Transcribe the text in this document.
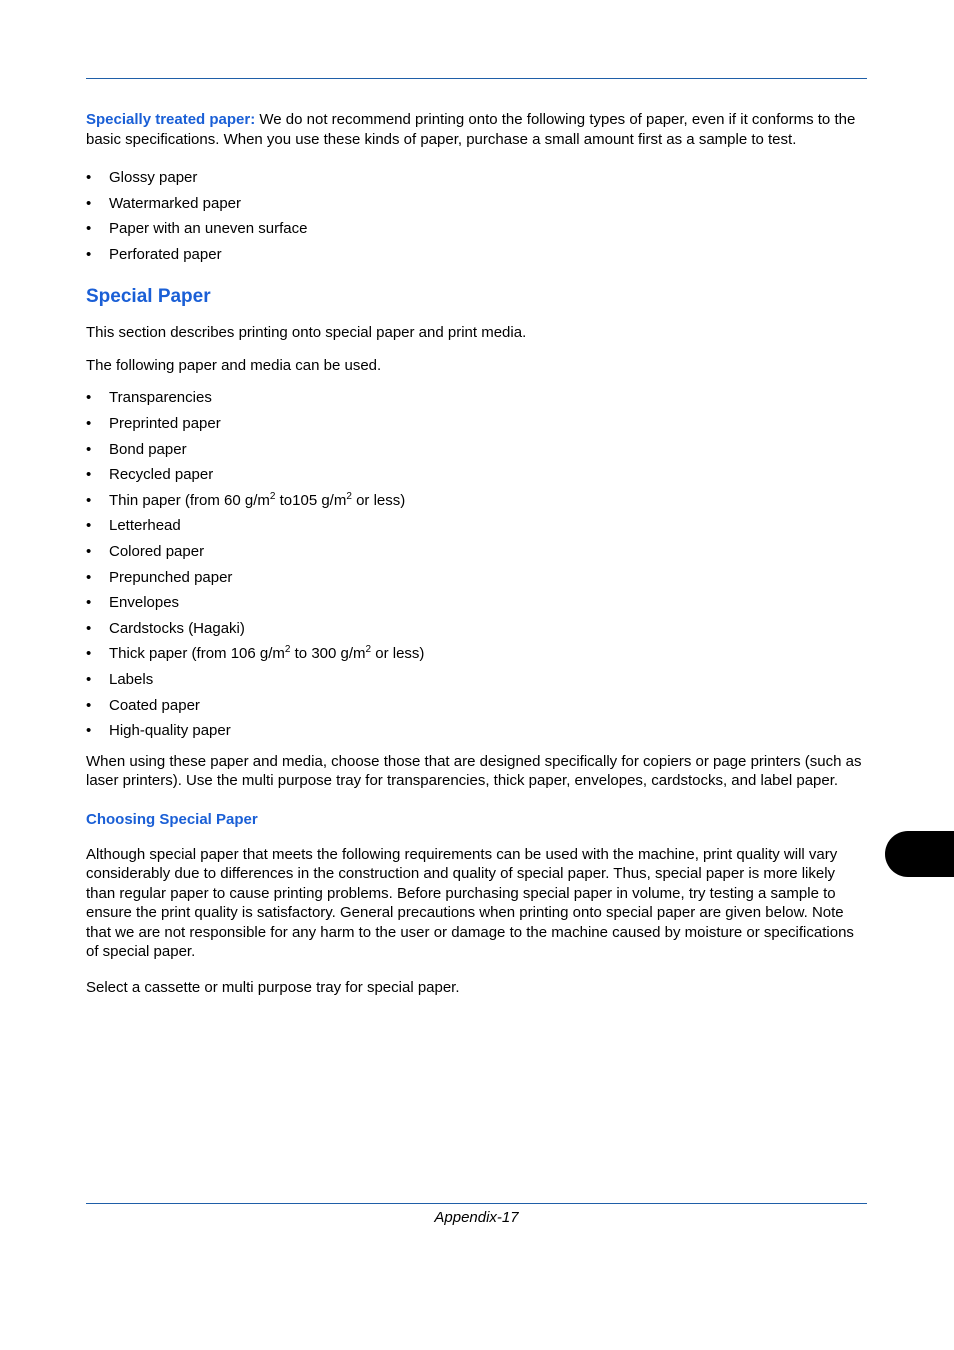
Specially treated paper: We do not recommend printing onto the following types of paper, even if it conforms to the basic specifications. When you use these kinds of paper, purchase a small amount first as a sample to test.

• Glossy paper
• Watermarked paper
• Paper with an uneven surface
• Perforated paper
Special Paper

This section describes printing onto special paper and print media.

The following paper and media can be used.

• Transparencies
• Preprinted paper
• Bond paper
• Recycled paper
• Thin paper (from 60 $g/m^2$ to105 $g/m^2$ or less)
• Letterhead
• Colored paper
• Prepunched paper
• Envelopes
• Cardstocks (Hagaki)
• Thick paper (from 106 $g/m^2$ to 300 $g/m^2$ or less)
• Labels
• Coated paper
• High-quality paper

When using these paper and media, choose those that are designed specifically for copiers or page printers (such as laser printers). Use the multi purpose tray for transparencies, thick paper, envelopes, cardstocks, and label paper.

Choosing Special Paper

Although special paper that meets the following requirements can be used with the machine, print quality will vary considerably due to differences in the construction and quality of special paper. Thus, special paper is more likely than regular paper to cause printing problems. Before purchasing special paper in volume, try testing a sample to ensure the print quality is satisfactory. General precautions when printing onto special paper are given below. Note that we are not responsible for any harm to the user or damage to the machine caused by moisture or specifications of special paper.

Select a cassette or multi purpose tray for special paper.

Appendix-17
